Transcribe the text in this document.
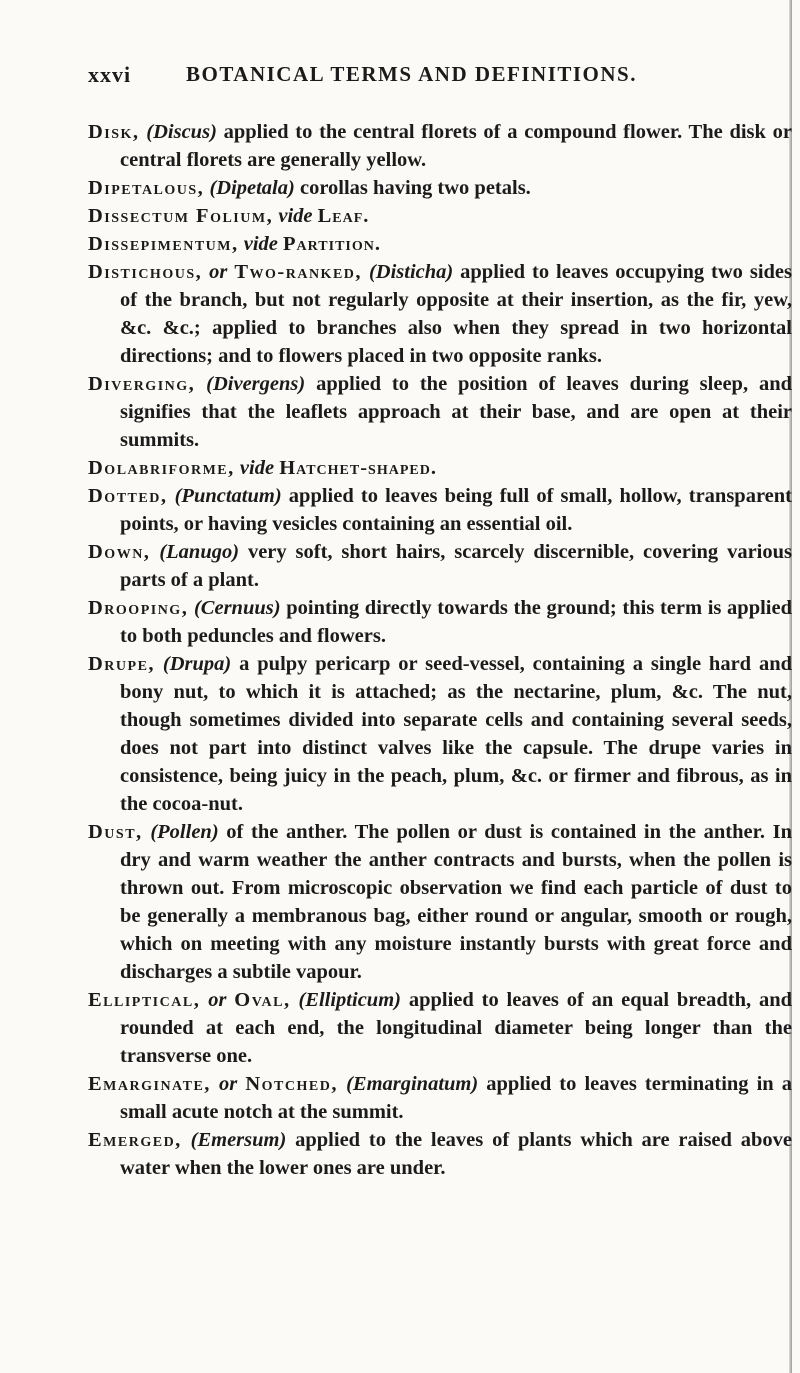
xxvi	BOTANICAL TERMS AND DEFINITIONS.
Disk, (Discus) applied to the central florets of a compound flower. The disk or central florets are generally yellow.
Dipetalous, (Dipetala) corollas having two petals.
Dissectum Folium, vide Leaf.
Dissepimentum, vide Partition.
Distichous, or Two-ranked, (Disticha) applied to leaves occupying two sides of the branch, but not regularly opposite at their insertion, as the fir, yew, &c. &c.; applied to branches also when they spread in two horizontal directions; and to flowers placed in two opposite ranks.
Diverging, (Divergens) applied to the position of leaves during sleep, and signifies that the leaflets approach at their base, and are open at their summits.
Dolabriforme, vide Hatchet-shaped.
Dotted, (Punctatum) applied to leaves being full of small, hollow, transparent points, or having vesicles containing an essential oil.
Down, (Lanugo) very soft, short hairs, scarcely discernible, covering various parts of a plant.
Drooping, (Cernuus) pointing directly towards the ground; this term is applied to both peduncles and flowers.
Drupe, (Drupa) a pulpy pericarp or seed-vessel, containing a single hard and bony nut, to which it is attached; as the nectarine, plum, &c. The nut, though sometimes divided into separate cells and containing several seeds, does not part into distinct valves like the capsule. The drupe varies in consistence, being juicy in the peach, plum, &c. or firmer and fibrous, as in the cocoa-nut.
Dust, (Pollen) of the anther. The pollen or dust is contained in the anther. In dry and warm weather the anther contracts and bursts, when the pollen is thrown out. From microscopic observation we find each particle of dust to be generally a membranous bag, either round or angular, smooth or rough, which on meeting with any moisture instantly bursts with great force and discharges a subtile vapour.
Elliptical, or Oval, (Ellipticum) applied to leaves of an equal breadth, and rounded at each end, the longitudinal diameter being longer than the transverse one.
Emarginate, or Notched, (Emarginatum) applied to leaves terminating in a small acute notch at the summit.
Emerged, (Emersum) applied to the leaves of plants which are raised above water when the lower ones are under.
